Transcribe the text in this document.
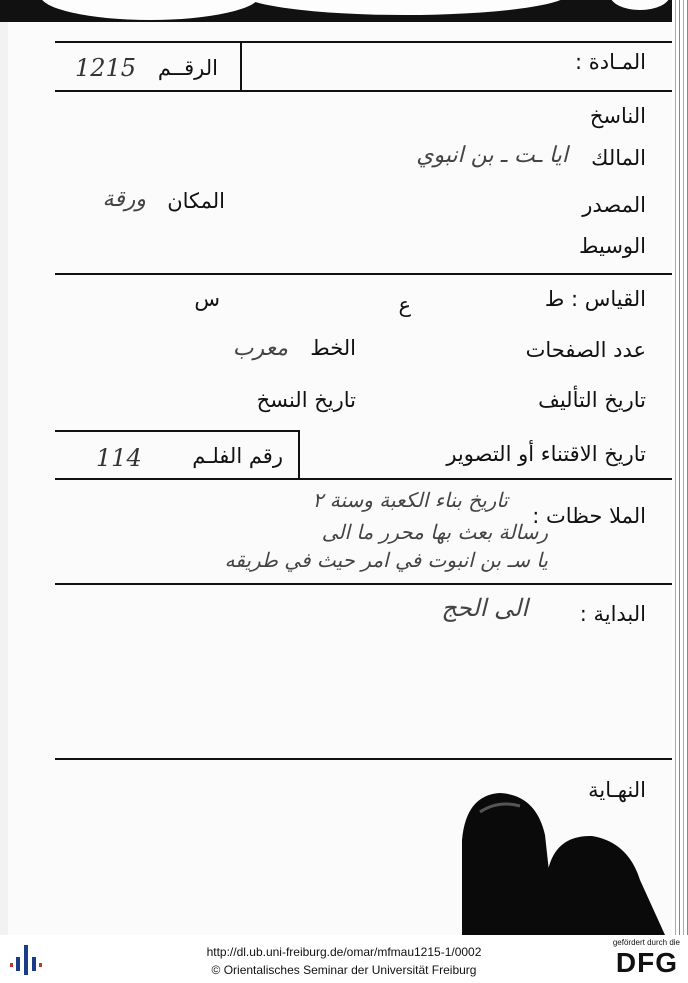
المـادة :
الرقــم
1215
الناسخ
المالك
ايا ـت ـ بن انبوي
المصدر
المكان
ورقة
الوسيط
القياس : ط
ع
س
عدد الصفحات
الخط
معرب
تاريخ التأليف
تاريخ النسخ
تاريخ الاقتناء أو التصوير
رقم الفلـم
114
الملا حظات :
تاريخ بناء الكعبة وسنة ٢
رسالة بعث بها محرر ما الى
يا سـ بن انبوت في امر حيث في طريقه
البداية :
الى الحج
النهـاية
http://dl.ub.uni-freiburg.de/omar/mfmau1215-1/0002
© Orientalisches Seminar der Universität Freiburg
gefördert durch die
DFG
